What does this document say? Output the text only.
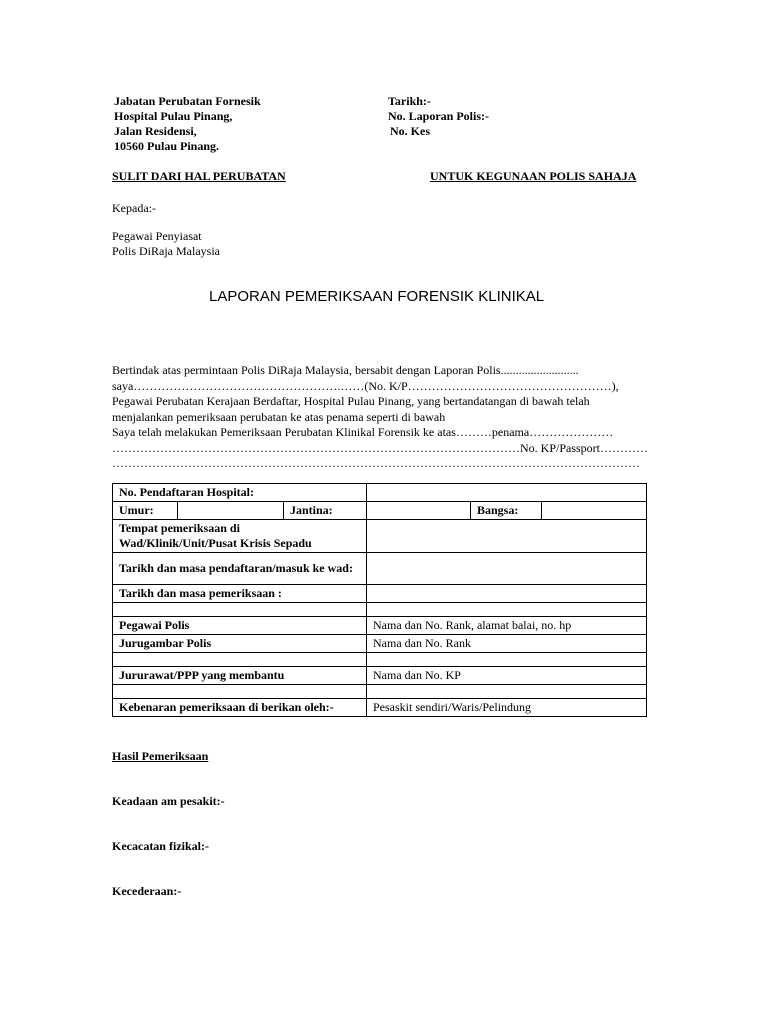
Jabatan Perubatan Fornesik
Hospital Pulau Pinang,
Jalan Residensi,
10560 Pulau Pinang.
Tarikh:-
No. Laporan Polis:-
No. Kes
SULIT DARI HAL PERUBATAN	UNTUK KEGUNAAN POLIS SAHAJA
Kepada:-
Pegawai Penyiasat
Polis DiRaja Malaysia
LAPORAN PEMERIKSAAN FORENSIK KLINIKAL
Bertindak atas permintaan Polis DiRaja Malaysia, bersabit dengan Laporan Polis..........................
saya…………………………………………….……(No. K/P……………………………………………),
Pegawai Perubatan Kerajaan Berdaftar, Hospital Pulau Pinang, yang bertandatangan di bawah telah
menjalankan pemeriksaan perubatan ke atas penama seperti di bawah
Saya telah melakukan Pemeriksaan Perubatan Klinikal Forensik ke atas………penama…………………
…………………………………………………………………………………………No. KP/Passport…………
……………………………………………………………………………………………………………………
No. Pendaftaran Hospital:					
Umur:		Jantina:		Bangsa:	
Tempat pemeriksaan di Wad/Klinik/Unit/Pusat Krisis Sepadu					
Tarikh dan masa pendaftaran/masuk ke wad:					
Tarikh dan masa pemeriksaan :					

Pegawai Polis			Nama dan No. Rank, alamat balai, no. hp		
Jurugambar Polis			Nama dan No. Rank		

Jururawat/PPP yang membantu			Nama dan No. KP		

Kebenaran pemeriksaan di berikan oleh:-			Pesaskit sendiri/Waris/Pelindung		
Hasil Pemeriksaan
Keadaan am pesakit:-
Kecacatan fizikal:-
Kecederaan:-
